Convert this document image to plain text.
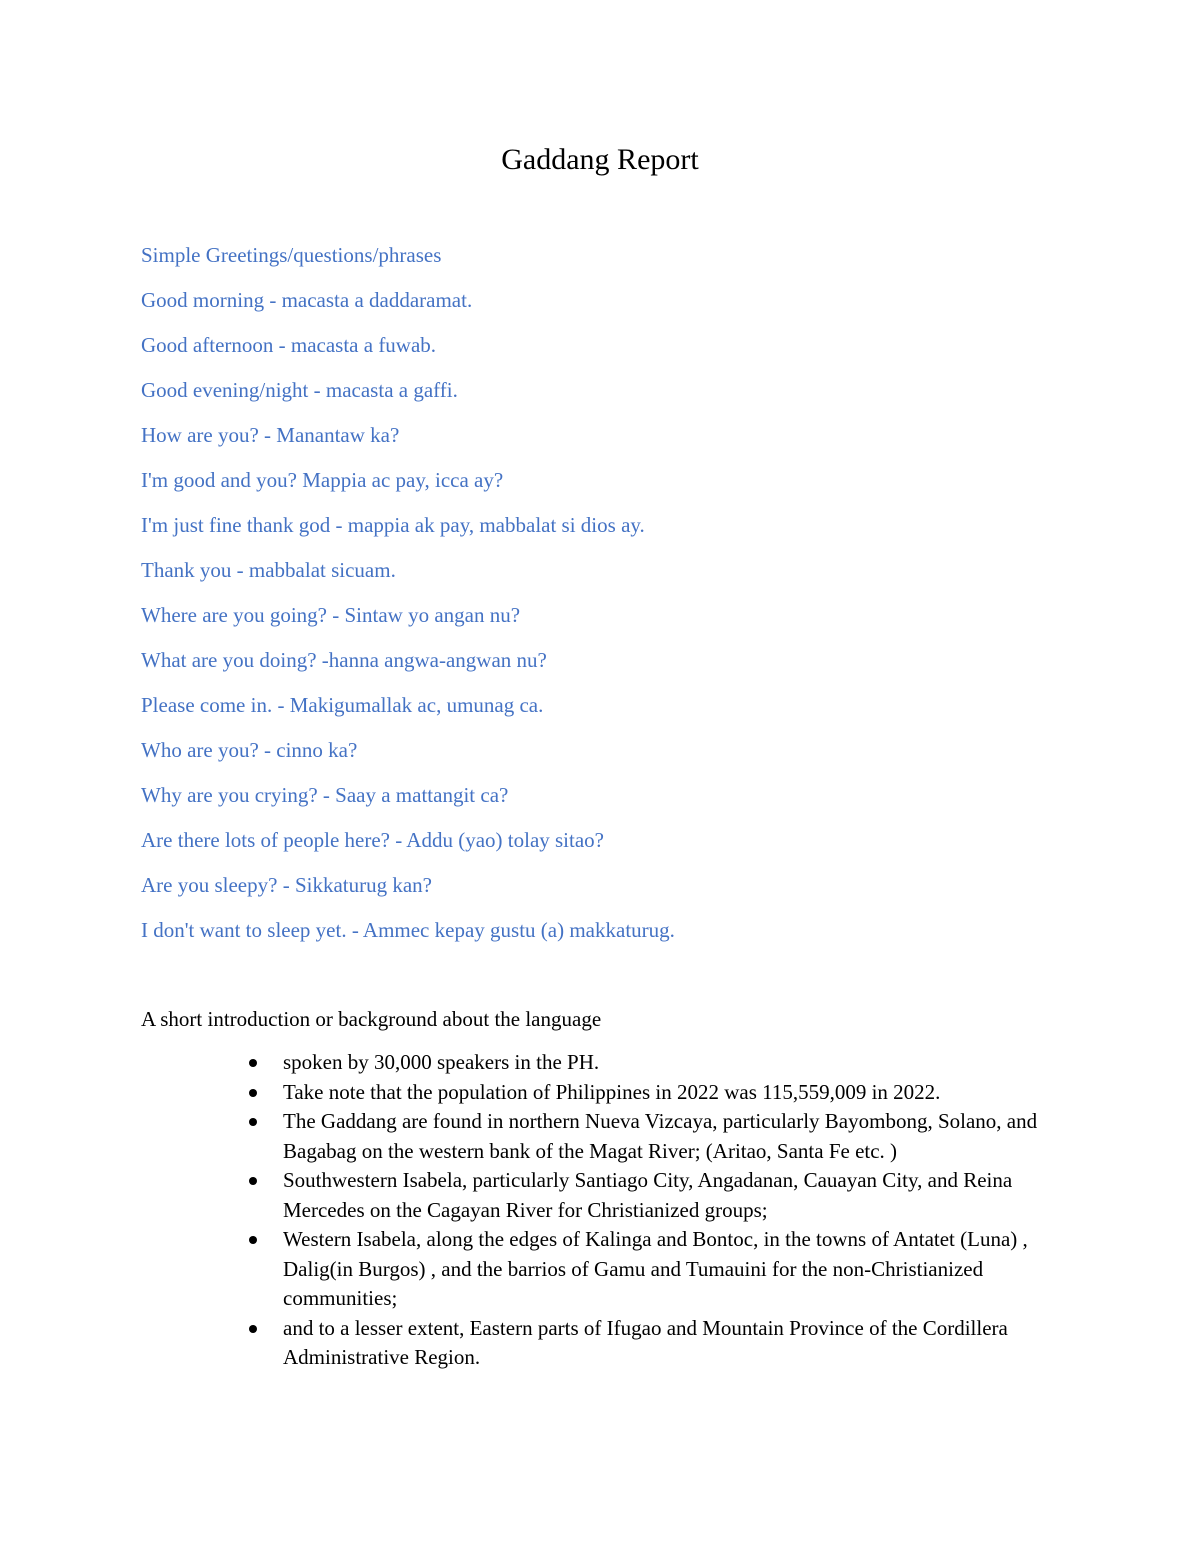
Gaddang Report
Simple Greetings/questions/phrases
Good morning - macasta a daddaramat.
Good afternoon - macasta a fuwab.
Good evening/night - macasta a gaffi.
How are you? - Manantaw ka?
I'm good and you? Mappia ac pay, icca ay?
I'm just fine thank god - mappia ak pay, mabbalat si dios ay.
Thank you - mabbalat sicuam.
Where are you going? - Sintaw yo angan nu?
What are you doing? -hanna angwa-angwan nu?
Please come in. - Makigumallak ac, umunag ca.
Who are you? - cinno ka?
Why are you crying? - Saay a mattangit ca?
Are there lots of people here? - Addu (yao) tolay sitao?
Are you sleepy? - Sikkaturug kan?
I don't want to sleep yet. - Ammec kepay gustu (a) makkaturug.

A short introduction or background about the language

spoken by 30,000 speakers in the PH.
Take note that the population of Philippines in 2022 was 115,559,009 in 2022.
The Gaddang are found in northern Nueva Vizcaya, particularly Bayombong, Solano, and Bagabag on the western bank of the Magat River; (Aritao, Santa Fe etc. )
Southwestern Isabela, particularly Santiago City, Angadanan, Cauayan City, and Reina Mercedes on the Cagayan River for Christianized groups;
Western Isabela, along the edges of Kalinga and Bontoc, in the towns of Antatet (Luna) , Dalig(in Burgos) , and the barrios of Gamu and Tumauini for the non-Christianized communities;
and to a lesser extent, Eastern parts of Ifugao and Mountain Province of the Cordillera Administrative Region.
